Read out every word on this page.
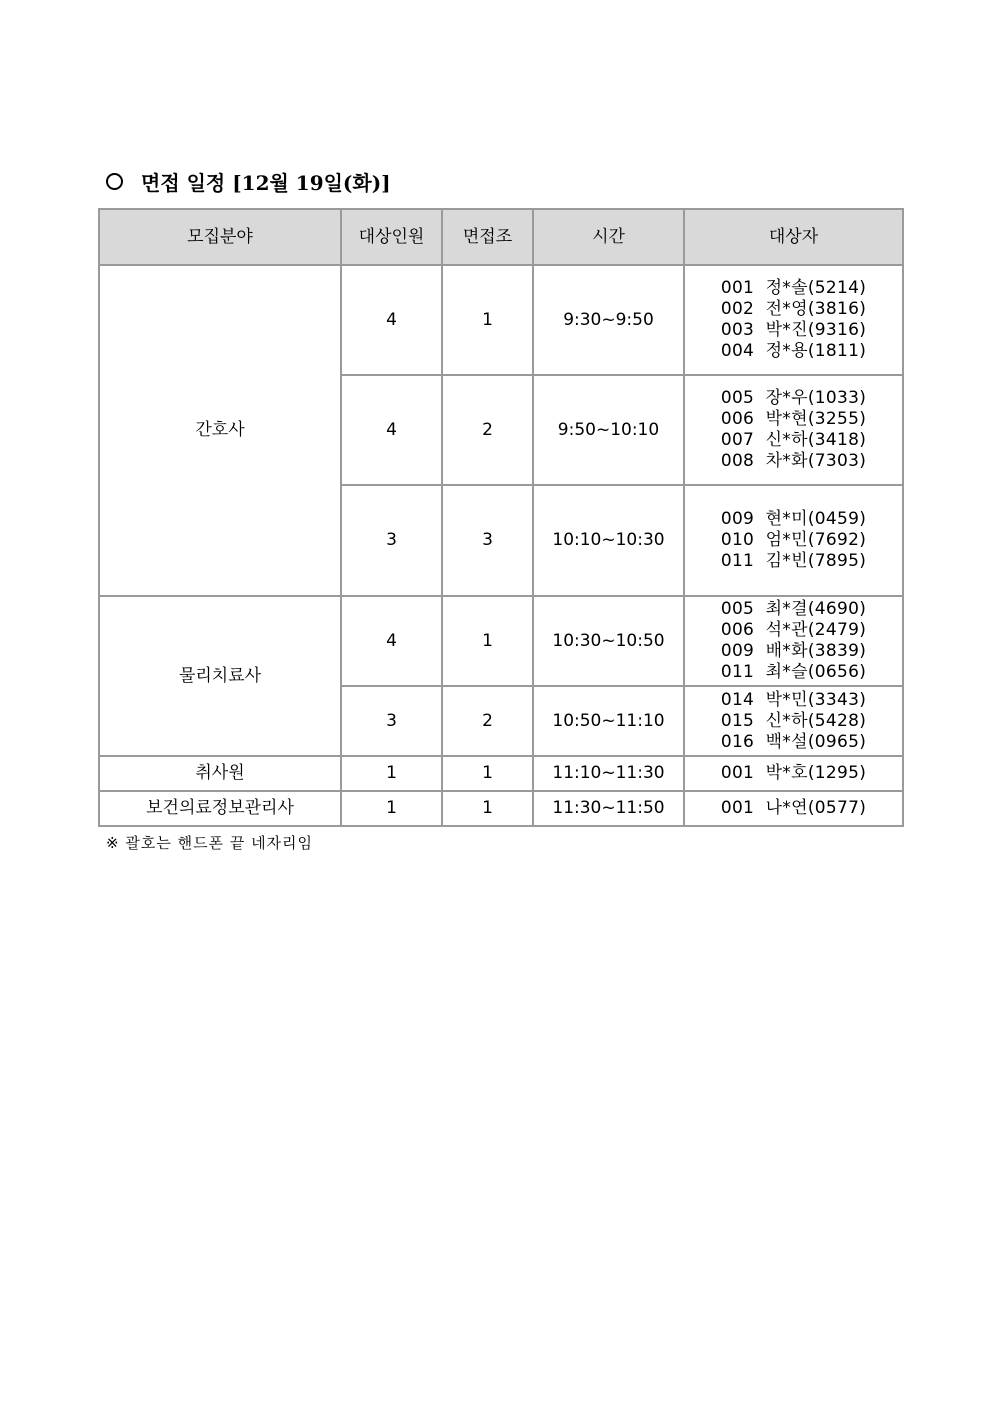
면접 일정 [12월 19일(화)]
모집분야	대상인원	면접조	시간	대상자
간호사	4	1	9:30~9:50	001  정*솔(5214)
002  전*영(3816)
003  박*진(9316)
004  정*용(1811)

	4	2	9:50~10:10	005  장*우(1033)
006  박*현(3255)
007  신*하(3418)
008  차*화(7303)

	3	3	10:10~10:30	009  현*미(0459)
010  엄*민(7692)
011  김*빈(7895)

물리치료사	4	1	10:30~10:50	005  최*결(4690)
006  석*관(2479)
009  배*화(3839)
011  최*슬(0656)

	3	2	10:50~11:10	014  박*민(3343)
015  신*하(5428)
016  백*설(0965)

취사원	1	1	11:10~11:30	001  박*호(1295)

보건의료정보관리사	1	1	11:30~11:50	001  나*연(0577)
※ 괄호는 핸드폰 끝 네자리임
